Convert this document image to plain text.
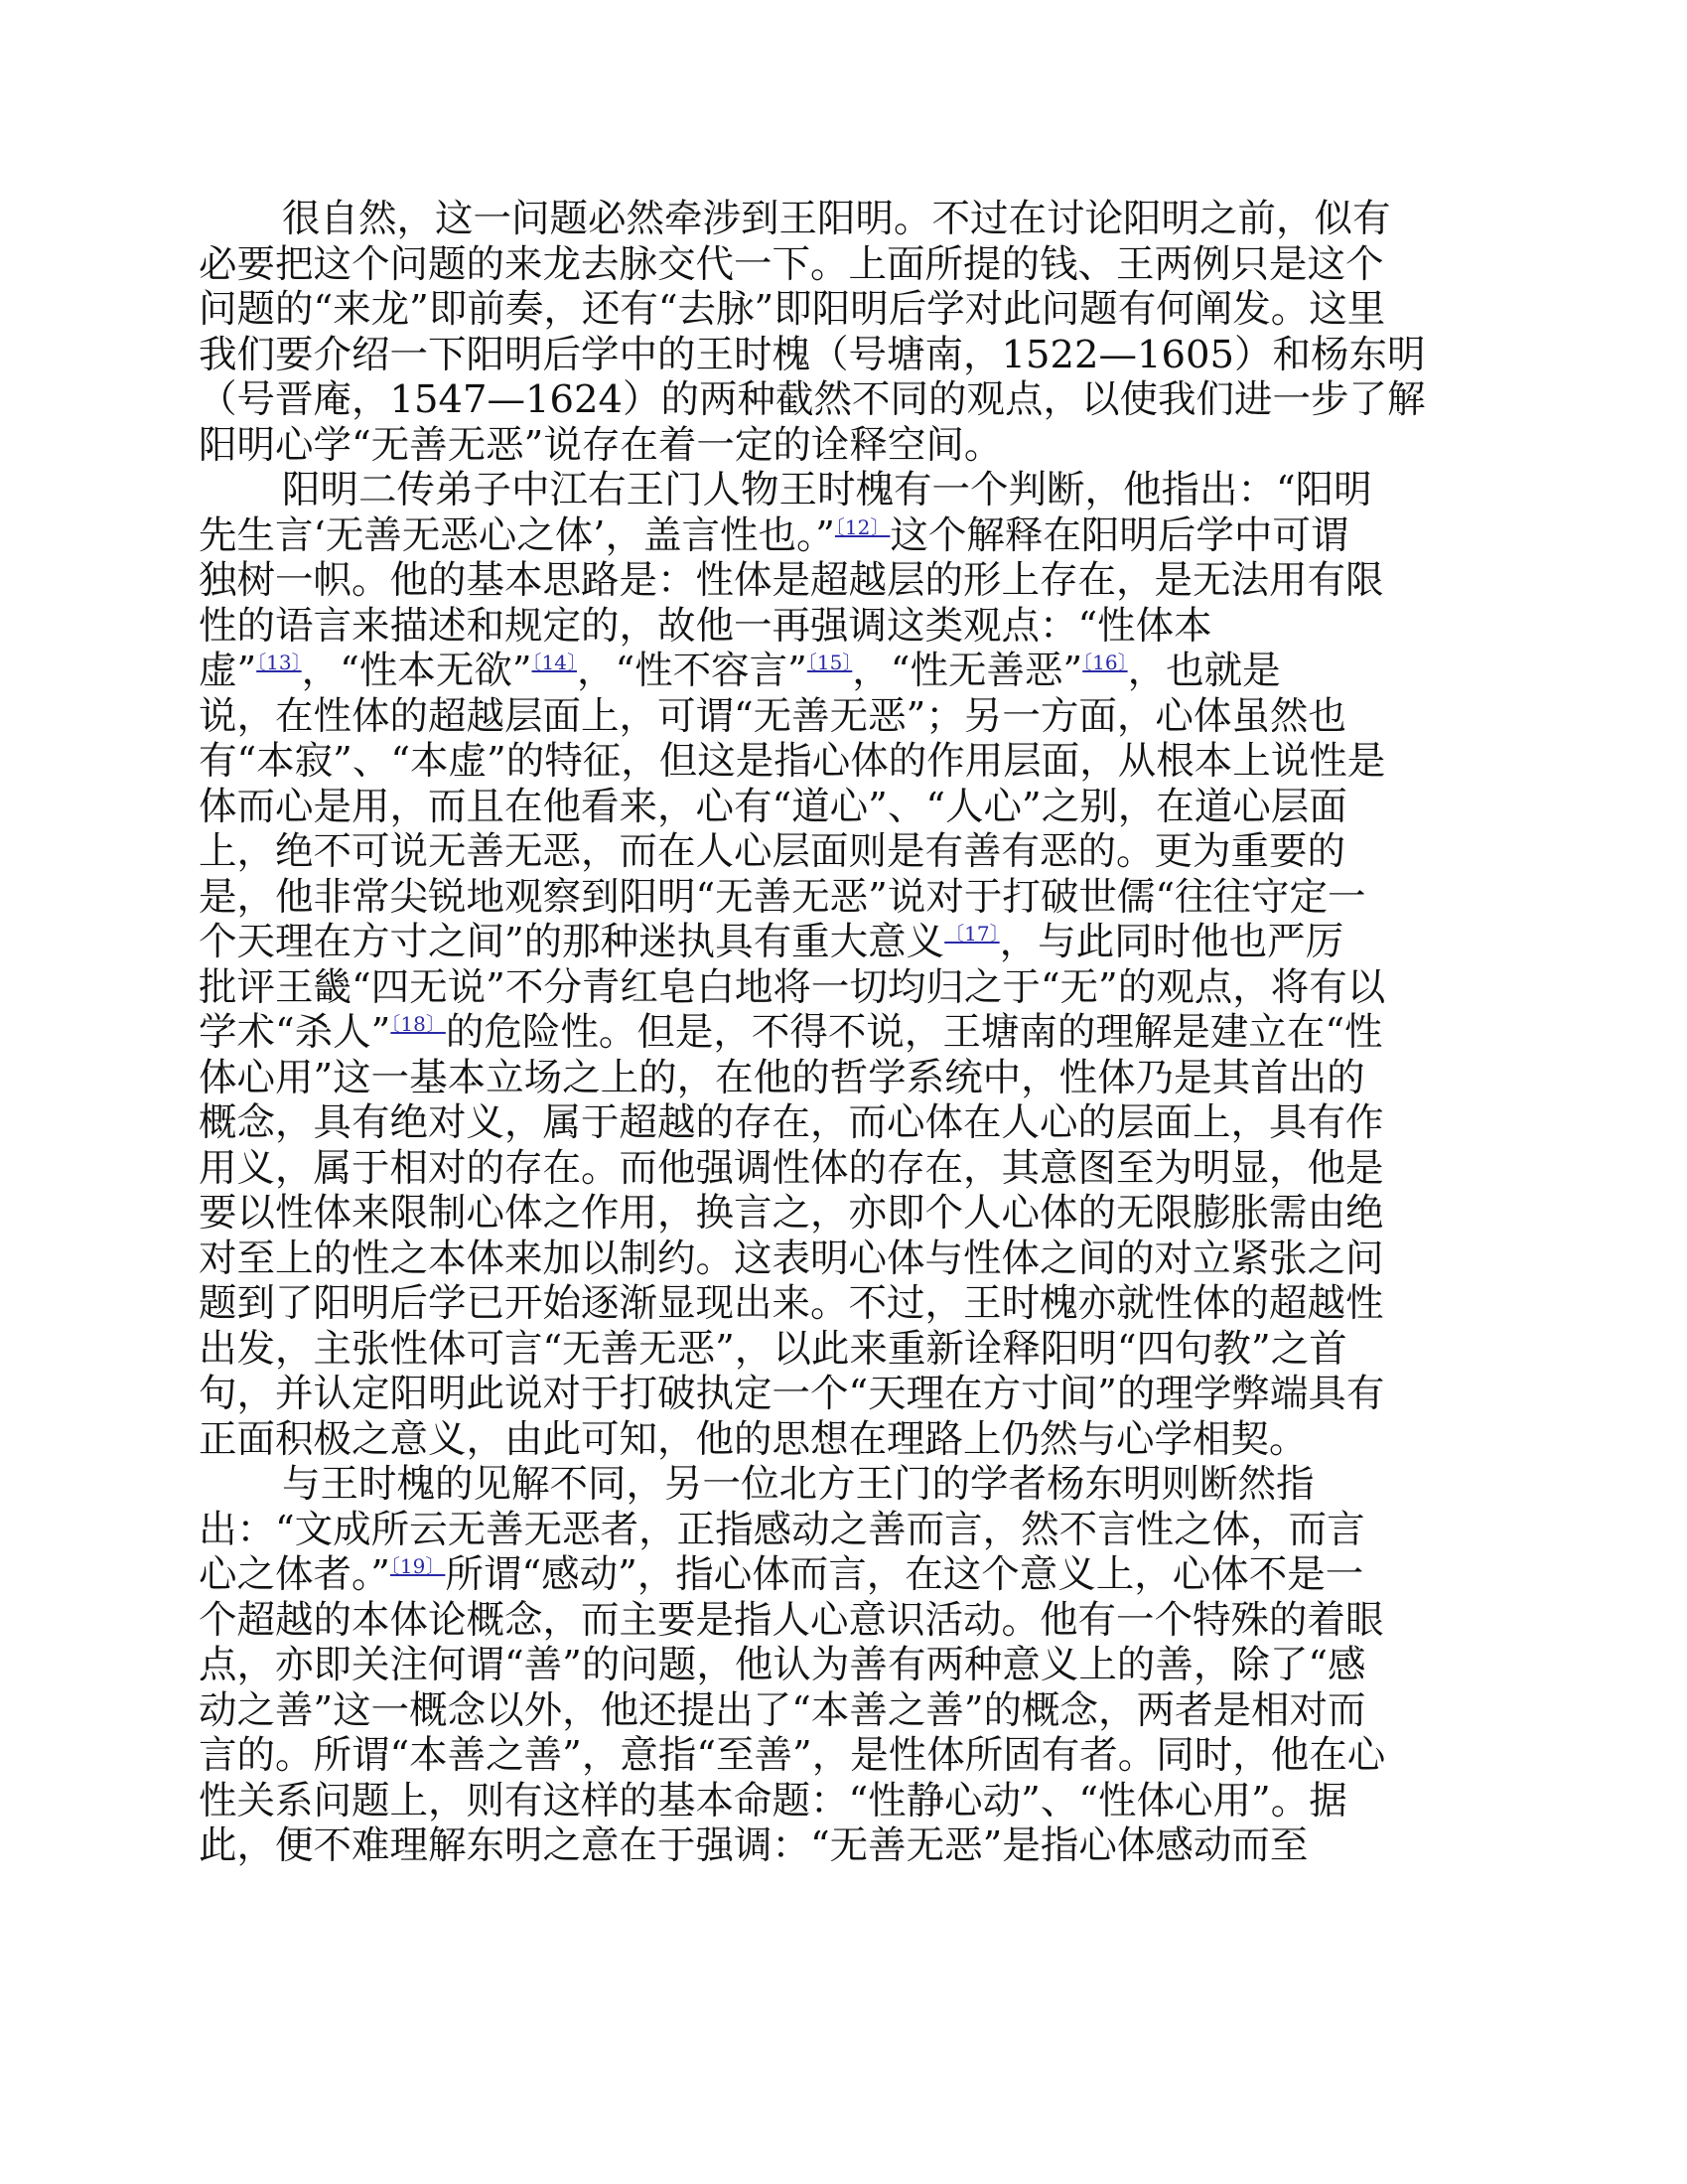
很自然，这一问题必然牵涉到王阳明。不过在讨论阳明之前，似有
必要把这个问题的来龙去脉交代一下。上面所提的钱、王两例只是这个
问题的“来龙”即前奏，还有“去脉”即阳明后学对此问题有何阐发。这里
我们要介绍一下阳明后学中的王时槐（号塘南，1522—1605）和杨东明
（号晋庵，1547—1624）的两种截然不同的观点，以使我们进一步了解
阳明心学“无善无恶”说存在着一定的诠释空间。
阳明二传弟子中江右王门人物王时槐有一个判断，他指出：“阳明
先生言‘无善无恶心之体’，盖言性也。”$^{〔12〕}$这个解释在阳明后学中可谓
独树一帜。他的基本思路是：性体是超越层的形上存在，是无法用有限
性的语言来描述和规定的，故他一再强调这类观点：“性体本
虚”$^{〔13〕}$，“性本无欲”$^{〔14〕}$，“性不容言”$^{〔15〕}$，“性无善恶”$^{〔16〕}$，也就是
说，在性体的超越层面上，可谓“无善无恶”；另一方面，心体虽然也
有“本寂”、“本虚”的特征，但这是指心体的作用层面，从根本上说性是
体而心是用，而且在他看来，心有“道心”、“人心”之别，在道心层面
上，绝不可说无善无恶，而在人心层面则是有善有恶的。更为重要的
是，他非常尖锐地观察到阳明“无善无恶”说对于打破世儒“往往守定一
个天理在方寸之间”的那种迷执具有重大意义$^{〔17〕}$，与此同时他也严厉
批评王畿“四无说”不分青红皂白地将一切均归之于“无”的观点，将有以
学术“杀人”$^{〔18〕}$的危险性。但是，不得不说，王塘南的理解是建立在“性
体心用”这一基本立场之上的，在他的哲学系统中，性体乃是其首出的
概念，具有绝对义，属于超越的存在，而心体在人心的层面上，具有作
用义，属于相对的存在。而他强调性体的存在，其意图至为明显，他是
要以性体来限制心体之作用，换言之，亦即个人心体的无限膨胀需由绝
对至上的性之本体来加以制约。这表明心体与性体之间的对立紧张之问
题到了阳明后学已开始逐渐显现出来。不过，王时槐亦就性体的超越性
出发，主张性体可言“无善无恶”，以此来重新诠释阳明“四句教”之首
句，并认定阳明此说对于打破执定一个“天理在方寸间”的理学弊端具有
正面积极之意义，由此可知，他的思想在理路上仍然与心学相契。
与王时槐的见解不同，另一位北方王门的学者杨东明则断然指
出：“文成所云无善无恶者，正指感动之善而言，然不言性之体，而言
心之体者。”$^{〔19〕}$所谓“感动”，指心体而言，在这个意义上，心体不是一
个超越的本体论概念，而主要是指人心意识活动。他有一个特殊的着眼
点，亦即关注何谓“善”的问题，他认为善有两种意义上的善，除了“感
动之善”这一概念以外，他还提出了“本善之善”的概念，两者是相对而
言的。所谓“本善之善”，意指“至善”，是性体所固有者。同时，他在心
性关系问题上，则有这样的基本命题：“性静心动”、“性体心用”。据
此，便不难理解东明之意在于强调：“无善无恶”是指心体感动而至
